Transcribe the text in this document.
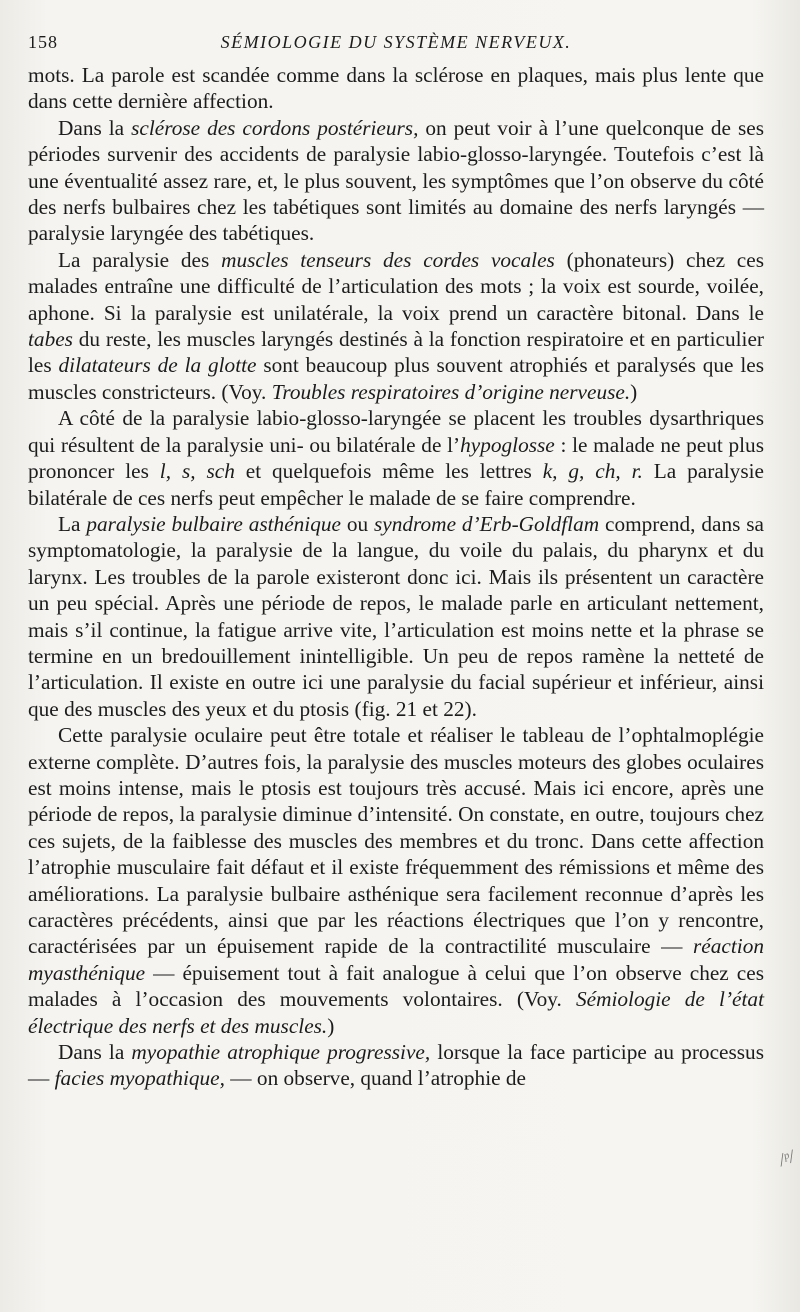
158	SÉMIOLOGIE DU SYSTÈME NERVEUX.

mots. La parole est scandée comme dans la sclérose en plaques, mais plus lente que dans cette dernière affection.

Dans la sclérose des cordons postérieurs, on peut voir à l’une quelconque de ses périodes survenir des accidents de paralysie labio-glosso-laryngée. Toutefois c’est là une éventualité assez rare, et, le plus souvent, les symptômes que l’on observe du côté des nerfs bulbaires chez les tabétiques sont limités au domaine des nerfs laryngés — paralysie laryngée des tabétiques.

La paralysie des muscles tenseurs des cordes vocales (phonateurs) chez ces malades entraîne une difficulté de l’articulation des mots ; la voix est sourde, voilée, aphone. Si la paralysie est unilatérale, la voix prend un caractère bitonal. Dans le tabes du reste, les muscles laryngés destinés à la fonction respiratoire et en particulier les dilatateurs de la glotte sont beaucoup plus souvent atrophiés et paralysés que les muscles constricteurs. (Voy. Troubles respiratoires d’origine nerveuse.)

A côté de la paralysie labio-glosso-laryngée se placent les troubles dysarthriques qui résultent de la paralysie uni- ou bilatérale de l’hypoglosse : le malade ne peut plus prononcer les l, s, sch et quelquefois même les lettres k, g, ch, r. La paralysie bilatérale de ces nerfs peut empêcher le malade de se faire comprendre.

La paralysie bulbaire asthénique ou syndrome d’Erb-Goldflam comprend, dans sa symptomatologie, la paralysie de la langue, du voile du palais, du pharynx et du larynx. Les troubles de la parole existeront donc ici. Mais ils présentent un caractère un peu spécial. Après une période de repos, le malade parle en articulant nettement, mais s’il continue, la fatigue arrive vite, l’articulation est moins nette et la phrase se termine en un bredouillement inintelligible. Un peu de repos ramène la netteté de l’articulation. Il existe en outre ici une paralysie du facial supérieur et inférieur, ainsi que des muscles des yeux et du ptosis (fig. 21 et 22).

Cette paralysie oculaire peut être totale et réaliser le tableau de l’ophtalmoplégie externe complète. D’autres fois, la paralysie des muscles moteurs des globes oculaires est moins intense, mais le ptosis est toujours très accusé. Mais ici encore, après une période de repos, la paralysie diminue d’intensité. On constate, en outre, toujours chez ces sujets, de la faiblesse des muscles des membres et du tronc. Dans cette affection l’atrophie musculaire fait défaut et il existe fréquemment des rémissions et même des améliorations. La paralysie bulbaire asthénique sera facilement reconnue d’après les caractères précédents, ainsi que par les réactions électriques que l’on y rencontre, caractérisées par un épuisement rapide de la contractilité musculaire — réaction myasthénique — épuisement tout à fait analogue à celui que l’on observe chez ces malades à l’occasion des mouvements volontaires. (Voy. Sémiologie de l’état électrique des nerfs et des muscles.)

Dans la myopathie atrophique progressive, lorsque la face participe au processus — facies myopathique, — on observe, quand l’atrophie de

/ᵖ/
